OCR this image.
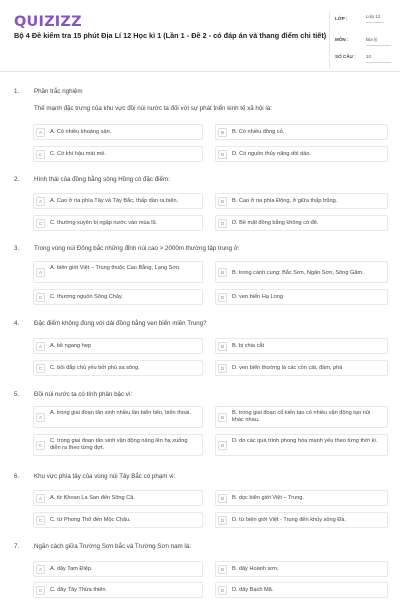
QUIZIZZ
Bộ 4 Đề kiểm tra 15 phút Địa Lí 12 Học kì 1 (Lần 1 - Đề 2 - có đáp án và thang điểm chi tiết)
LỚP :	Lớp 12
MÔN :	Địa lý
SỐ CÂU : 10
1. Phần trắc nghiệm
Thế mạnh đặc trưng của khu vực đồi núi nước ta đối với sự phát triển kinh tế xã hội là:
A	A. Có nhiều khoáng sản.	B	B. Có nhiều đồng cỏ.
C	C. Có khí hậu mát mẻ.	D	D. Có nguồn thủy năng dồi dào.
2. Hình thái của đồng bằng sông Hồng có đặc điểm:
A	A. Cao ở rìa phía Tây và Tây Bắc, thấp dần ra biển.	B	B. Cao ở ria phía Đông, ở giữa thấp trũng.
C	C. thường xuyên bị ngập nước vào mùa lũ.	D	D. Bề mặt đồng bằng không có đê.
3. Trong vùng núi Đông bắc những đỉnh núi cao > 2000m thường tập trung ở:
A
A. biên giới Việt – Trung thuộc Cao Bằng, Lạng Sơn.
B	B. trong cánh cung: Bắc Sơn, Ngân Sơn, Sông Gâm.
C	C. thượng nguồn Sông Chảy.	D	D. ven biển Hạ Long
4. Đặc điểm không đúng với dải đồng bằng ven biển miền Trung?
A	A. bề ngang hẹp	B	B. bị chia cắt
C	C. bồi đắp chủ yếu bởi phù sa sông.	D	D. ven biển thường là các cồn cát, đầm, phá
5. Đồi núi nước ta có tính phân bậc vì:
A
A. trong giai đoạn tân sinh nhiều lần biển tiến, biển thoái.
B
B. trong giai đoạn cổ kiến tạo có nhiều vận động tạo núi khác nhau.
C
C. trong giai đoạn tân sinh vận động nâng lên hạ xuống diễn ra theo từng đợt.	D
D. do các quá trình phong hóa mạnh yếu theo từng thời kì.
6. Khu vực phía tây của vùng núi Tây Bắc có phạm vi:
A	A. từ Khoan La San đến Sông Cả.	B	B. dọc biên giới Việt – Trung.
C	C. từ Phong Thổ đến Mộc Châu.	D	D. từ biên giới Việt - Trung đến khủy sông Đà.
7. Ngăn cách giữa Trường Sơn bắc và Trường Sơn nam là:
A	A. dãy Tam Điệp.	B	B. dãy Hoành sơn.
C	C. dãy Tây Thừa thiên.	D	D. dãy Bạch Mã.
